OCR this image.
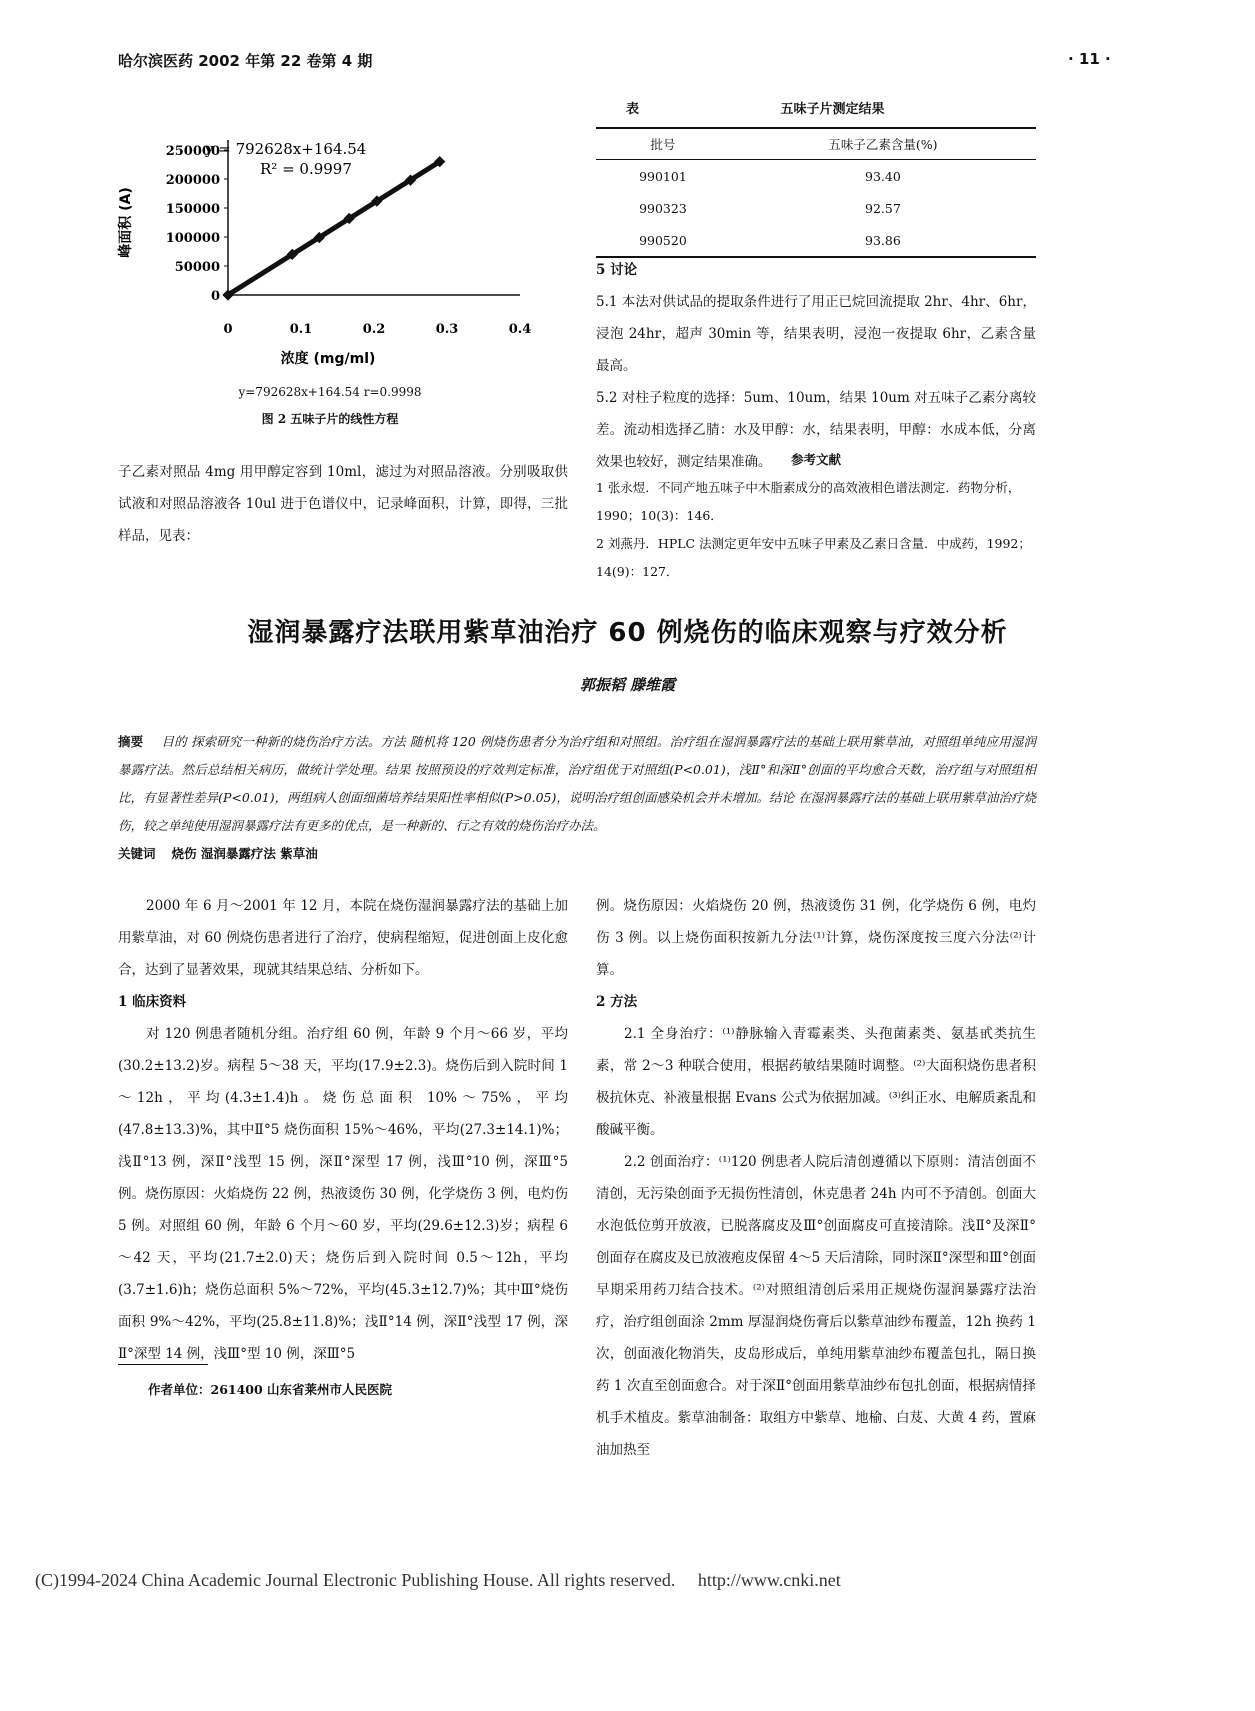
哈尔滨医药 2002 年第 22 卷第 4 期	· 11 ·
0
50000
100000
150000
200000
250000
0	0.1	0.2	0.3	0.4
浓度 (mg/ml)
峰面积 (A)
y = 792628x+164.54
R² = 0.9997
y=792628x+164.54 r=0.9998
图 2 五味子片的线性方程

子乙素对照品 4mg 用甲醇定容到 10ml，滤过为对照品溶液。分别吸取供试液和对照品溶液各 10ul 进于色谱仪中，记录峰面积，计算，即得，三批样品，见表：

表	五味子片测定结果
批号	五味子乙素含量(%)
990101	93.40
990323	92.57
990520	93.86

5 讨论

5.1 本法对供试品的提取条件进行了用正已烷回流提取 2hr、4hr、6hr，浸泡 24hr，超声 30min 等，结果表明，浸泡一夜提取 6hr，乙素含量最高。

5.2 对柱子粒度的选择：5um、10um，结果 10um 对五味子乙素分离较差。流动相选择乙腈：水及甲醇：水，结果表明，甲醇：水成本低，分离效果也较好，测定结果准确。	参考文献
1 张永煜．不同产地五味子中木脂素成分的高效液相色谱法测定．药物分析，1990；10(3)：146．
2 刘燕丹．HPLC 法测定更年安中五味子甲素及乙素日含量．中成药，1992；14(9)：127．
湿润暴露疗法联用紫草油治疗 60 例烧伤的临床观察与疗效分析
郭振韬 滕维霞
摘要 目的 探索研究一种新的烧伤治疗方法。方法 随机将 120 例烧伤患者分为治疗组和对照组。治疗组在湿润暴露疗法的基础上联用紫草油，对照组单纯应用湿润暴露疗法。然后总结相关病历，做统计学处理。结果 按照预设的疗效判定标准，治疗组优于对照组(P<0.01)，浅Ⅱ°和深Ⅱ°创面的平均愈合天数，治疗组与对照组相比，有显著性差异(P<0.01)，两组病人创面细菌培养结果阳性率相似(P>0.05)，说明治疗组创面感染机会并未增加。结论 在湿润暴露疗法的基础上联用紫草油治疗烧伤，较之单纯使用湿润暴露疗法有更多的优点，是一种新的、行之有效的烧伤治疗办法。
关键词 烧伤 湿润暴露疗法 紫草油

2000 年 6 月～2001 年 12 月，本院在烧伤湿润暴露疗法的基础上加用紫草油，对 60 例烧伤患者进行了治疗，使病程缩短，促进创面上皮化愈合，达到了显著效果，现就其结果总结、分析如下。

1 临床资料

对 120 例患者随机分组。治疗组 60 例，年龄 9 个月～66 岁，平均(30.2±13.2)岁。病程 5～38 天，平均(17.9±2.3)。烧伤后到入院时间 1～12h，平均(4.3±1.4)h。烧伤总面积 10%～75%，平均(47.8±13.3)%，其中Ⅱ°5 烧伤面积 15%～46%，平均(27.3±14.1)%；浅Ⅱ°13 例，深Ⅱ°浅型 15 例，深Ⅱ°深型 17 例，浅Ⅲ°10 例，深Ⅲ°5 例。烧伤原因：火焰烧伤 22 例，热液烫伤 30 例，化学烧伤 3 例，电灼伤 5 例。对照组 60 例，年龄 6 个月～60 岁，平均(29.6±12.3)岁；病程 6～42 天，平均(21.7±2.0)天；烧伤后到入院时间 0.5～12h，平均(3.7±1.6)h；烧伤总面积 5%～72%，平均(45.3±12.7)%；其中Ⅲ°烧伤面积 9%～42%，平均(25.8±11.8)%；浅Ⅱ°14 例，深Ⅱ°浅型 17 例，深Ⅱ°深型 14 例，浅Ⅲ°型 10 例，深Ⅲ°5

作者单位：261400 山东省莱州市人民医院

例。烧伤原因：火焰烧伤 20 例，热液烫伤 31 例，化学烧伤 6 例，电灼伤 3 例。以上烧伤面积按新九分法⁽¹⁾计算，烧伤深度按三度六分法⁽²⁾计算。

2 方法

2.1 全身治疗：⁽¹⁾静脉输入青霉素类、头孢菌素类、氨基甙类抗生素，常 2～3 种联合使用，根据药敏结果随时调整。⁽²⁾大面积烧伤患者积极抗休克、补液量根据 Evans 公式为依据加减。⁽³⁾纠正水、电解质紊乱和酸碱平衡。

2.2 创面治疗：⁽¹⁾120 例患者人院后清创遵循以下原则：清洁创面不清创，无污染创面予无损伤性清创，休克患者 24h 内可不予清创。创面大水泡低位剪开放液，已脱落腐皮及Ⅲ°创面腐皮可直接清除。浅Ⅱ°及深Ⅱ°创面存在腐皮及已放液疱皮保留 4～5 天后清除，同时深Ⅱ°深型和Ⅲ°创面早期采用药刀结合技术。⁽²⁾对照组清创后采用正规烧伤湿润暴露疗法治疗，治疗组创面涂 2mm 厚湿润烧伤膏后以紫草油纱布覆盖，12h 换药 1 次，创面液化物消失，皮岛形成后，单纯用紫草油纱布覆盖包扎，隔日换药 1 次直至创面愈合。对于深Ⅱ°创面用紫草油纱布包扎创面，根据病情择机手术植皮。紫草油制备：取组方中紫草、地榆、白芨、大黄 4 药，置麻油加热至

(C)1994-2024 China Academic Journal Electronic Publishing House. All rights reserved.     http://www.cnki.net
